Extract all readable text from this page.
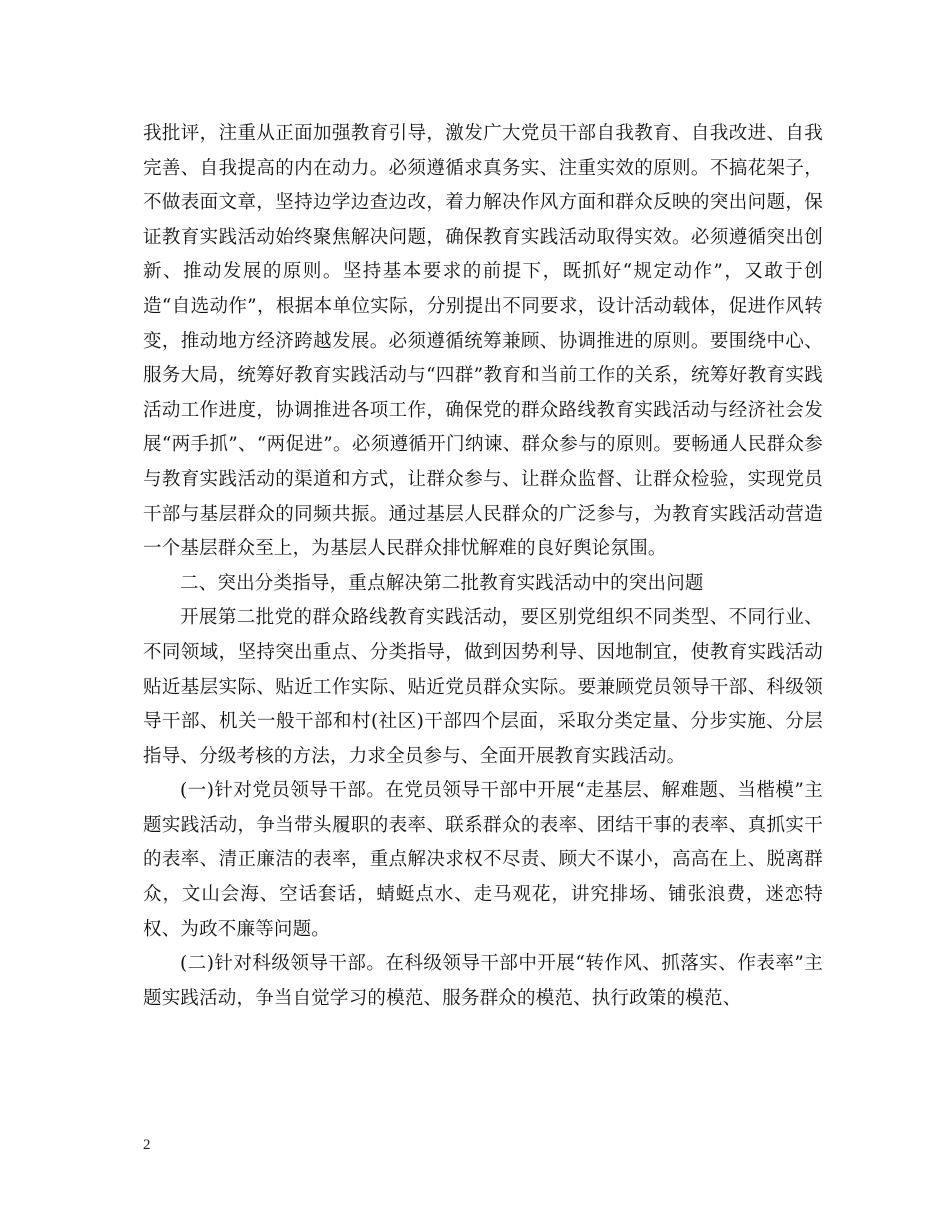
我批评，注重从正面加强教育引导，激发广大党员干部自我教育、自我改进、自我完善、自我提高的内在动力。必须遵循求真务实、注重实效的原则。不搞花架子，不做表面文章，坚持边学边查边改，着力解决作风方面和群众反映的突出问题，保证教育实践活动始终聚焦解决问题，确保教育实践活动取得实效。必须遵循突出创新、推动发展的原则。坚持基本要求的前提下，既抓好“规定动作”，又敢于创造“自选动作”，根据本单位实际，分别提出不同要求，设计活动载体，促进作风转变，推动地方经济跨越发展。必须遵循统筹兼顾、协调推进的原则。要围绕中心、服务大局，统筹好教育实践活动与“四群”教育和当前工作的关系，统筹好教育实践活动工作进度，协调推进各项工作，确保党的群众路线教育实践活动与经济社会发展“两手抓”、“两促进”。必须遵循开门纳谏、群众参与的原则。要畅通人民群众参与教育实践活动的渠道和方式，让群众参与、让群众监督、让群众检验，实现党员干部与基层群众的同频共振。通过基层人民群众的广泛参与，为教育实践活动营造一个基层群众至上，为基层人民群众排忧解难的良好舆论氛围。

二、突出分类指导，重点解决第二批教育实践活动中的突出问题

开展第二批党的群众路线教育实践活动，要区别党组织不同类型、不同行业、不同领域，坚持突出重点、分类指导，做到因势利导、因地制宜，使教育实践活动贴近基层实际、贴近工作实际、贴近党员群众实际。要兼顾党员领导干部、科级领导干部、机关一般干部和村(社区)干部四个层面，采取分类定量、分步实施、分层指导、分级考核的方法，力求全员参与、全面开展教育实践活动。

(一)针对党员领导干部。在党员领导干部中开展“走基层、解难题、当楷模”主题实践活动，争当带头履职的表率、联系群众的表率、团结干事的表率、真抓实干的表率、清正廉洁的表率，重点解决求权不尽责、顾大不谋小，高高在上、脱离群众，文山会海、空话套话，蜻蜓点水、走马观花，讲究排场、铺张浪费，迷恋特权、为政不廉等问题。

(二)针对科级领导干部。在科级领导干部中开展“转作风、抓落实、作表率”主题实践活动，争当自觉学习的模范、服务群众的模范、执行政策的模范、

2
